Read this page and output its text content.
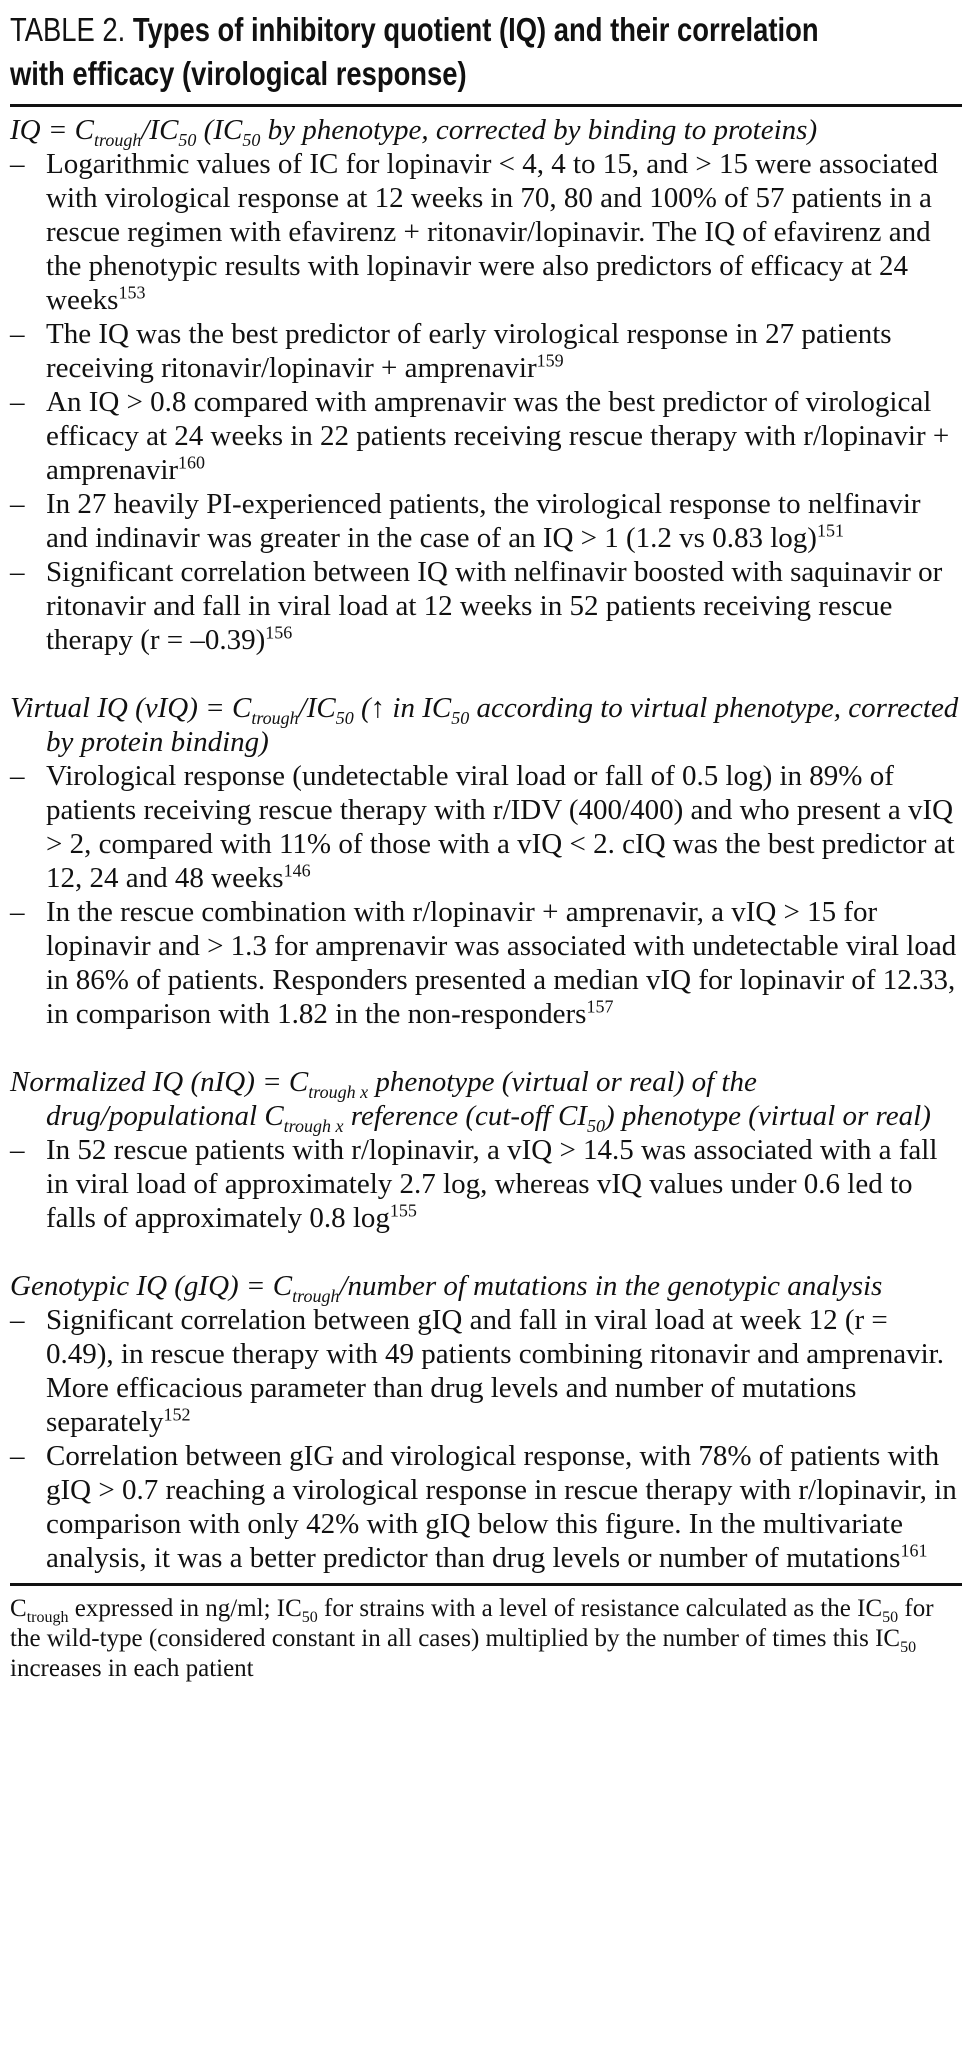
TABLE 2. Types of inhibitory quotient (IQ) and their correlation
with efficacy (virological response)
IQ = $C_{trough}/IC_{50}$ ($IC_{50}$ by phenotype, corrected by binding to proteins)
– Logarithmic values of IC for lopinavir < 4, 4 to 15, and > 15 were associated with virological response at 12 weeks in 70, 80 and 100% of 57 patients in a rescue regimen with efavirenz + ritonavir/lopinavir. The IQ of efavirenz and the phenotypic results with lopinavir were also predictors of efficacy at 24 weeks$^{153}$
– The IQ was the best predictor of early virological response in 27 patients receiving ritonavir/lopinavir + amprenavir$^{159}$
– An IQ > 0.8 compared with amprenavir was the best predictor of virological efficacy at 24 weeks in 22 patients receiving rescue therapy with r/lopinavir + amprenavir$^{160}$
– In 27 heavily PI-experienced patients, the virological response to nelfinavir and indinavir was greater in the case of an IQ > 1 (1.2 vs 0.83 log)$^{151}$
– Significant correlation between IQ with nelfinavir boosted with saquinavir or ritonavir and fall in viral load at 12 weeks in 52 patients receiving rescue therapy (r = –0.39)$^{156}$
Virtual IQ $(vIQ) = C_{trough}/IC_{50}$ (↑ in $IC_{50}$ according to virtual phenotype, corrected by protein binding)
– Virological response (undetectable viral load or fall of 0.5 log) in 89% of patients receiving rescue therapy with r/IDV (400/400) and who present a vIQ > 2, compared with 11% of those with a vIQ < 2. cIQ was the best predictor at 12, 24 and 48 weeks$^{146}$
– In the rescue combination with r/lopinavir + amprenavir, a vIQ > 15 for lopinavir and > 1.3 for amprenavir was associated with undetectable viral load in 86% of patients. Responders presented a median vIQ for lopinavir of 12.33, in comparison with 1.82 in the non-responders$^{157}$
Normalized IQ $(nIQ) = C_{trough x}$ phenotype (virtual or real) of the drug/populational $C_{trough x}$ reference (cut-off $CI_{50}$) phenotype (virtual or real)
– In 52 rescue patients with r/lopinavir, a vIQ > 14.5 was associated with a fall in viral load of approximately 2.7 log, whereas vIQ values under 0.6 led to falls of approximately 0.8 log$^{155}$
Genotypic IQ $(gIQ) = C_{trough}$/number of mutations in the genotypic analysis
– Significant correlation between gIQ and fall in viral load at week 12 (r = 0.49), in rescue therapy with 49 patients combining ritonavir and amprenavir. More efficacious parameter than drug levels and number of mutations separately$^{152}$
– Correlation between gIG and virological response, with 78% of patients with gIQ > 0.7 reaching a virological response in rescue therapy with r/lopinavir, in comparison with only 42% with gIQ below this figure. In the multivariate analysis, it was a better predictor than drug levels or number of mutations$^{161}$
$C_{trough}$ expressed in ng/ml; $IC_{50}$ for strains with a level of resistance calculated as the $IC_{50}$ for the wild-type (considered constant in all cases) multiplied by the number of times this $IC_{50}$ increases in each patient
